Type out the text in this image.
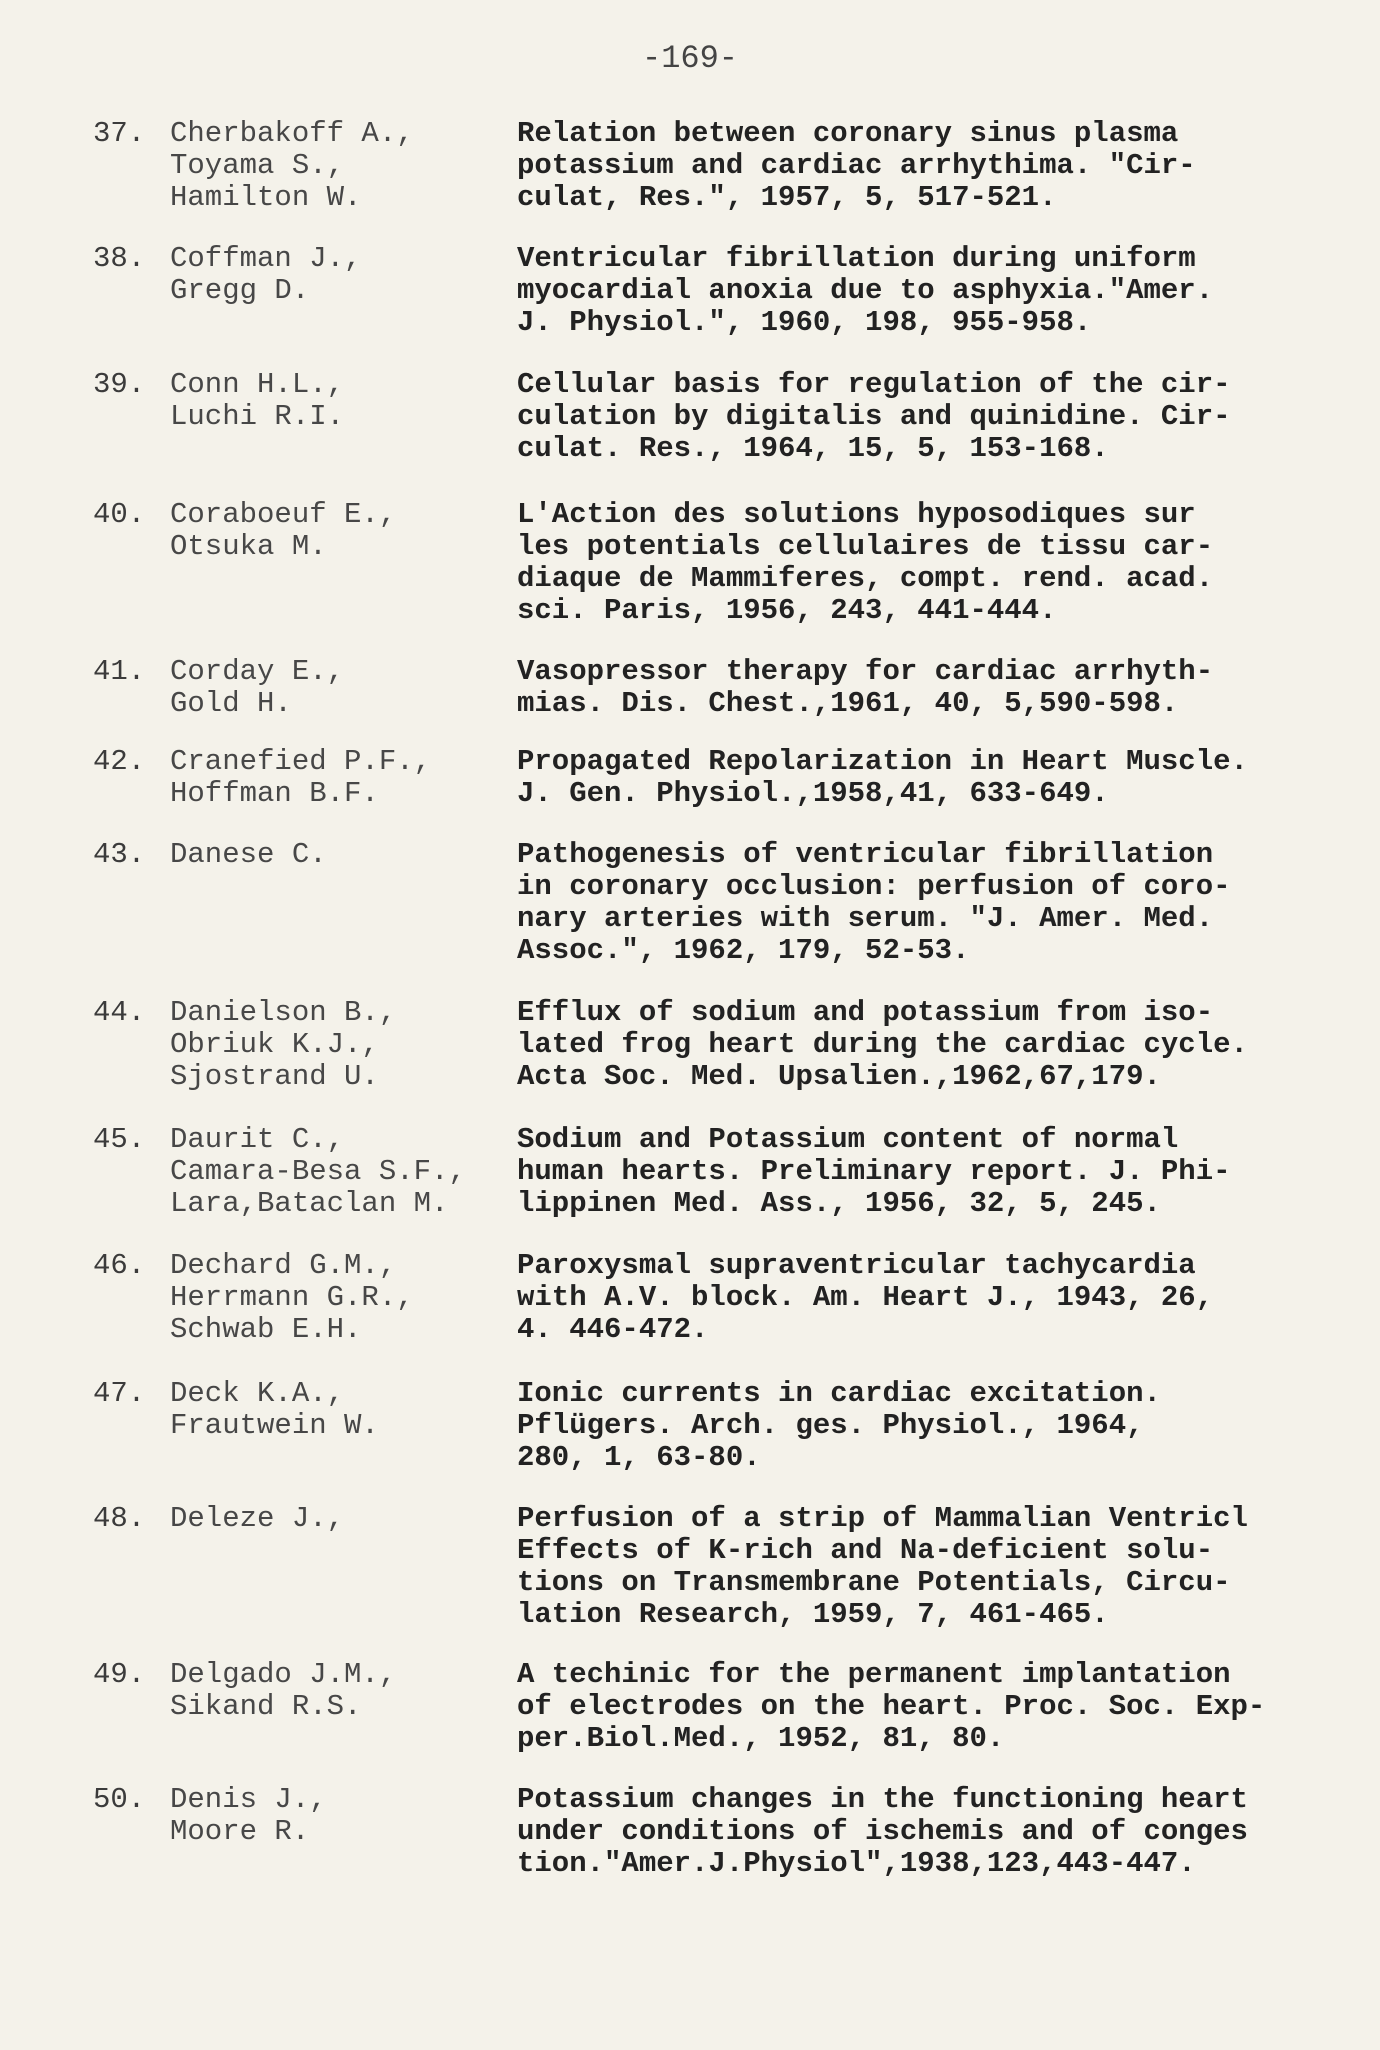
-169-
37. Cherbakoff A.,
Toyama S.,
Hamilton W.
Relation between coronary sinus plasma
potassium and cardiac arrhythima. "Cir-
culat, Res.", 1957, 5, 517-521.
38. Coffman J.,
Gregg D.
Ventricular fibrillation during uniform
myocardial anoxia due to asphyxia."Amer.
J. Physiol.", 1960, 198, 955-958.
39. Conn H.L.,
Luchi R.I.
Cellular basis for regulation of the cir-
culation by digitalis and quinidine. Cir-
culat. Res., 1964, 15, 5, 153-168.
40. Coraboeuf E.,
Otsuka M.
L'Action des solutions hyposodiques sur
les potentials cellulaires de tissu car-
diaque de Mammiferes, compt. rend. acad.
sci. Paris, 1956, 243, 441-444.
41. Corday E.,
Gold H.
Vasopressor therapy for cardiac arrhyth-
mias. Dis. Chest.,1961, 40, 5,590-598.
42. Cranefied P.F.,
Hoffman B.F.
Propagated Repolarization in Heart Muscle.
J. Gen. Physiol.,1958,41, 633-649.
43. Danese C.	Pathogenesis of ventricular fibrillation
in coronary occlusion: perfusion of coro-
nary arteries with serum. "J. Amer. Med.
Assoc.", 1962, 179, 52-53.
44. Danielson B.,
Obriuk K.J.,
Sjostrand U.
Efflux of sodium and potassium from iso-
lated frog heart during the cardiac cycle.
Acta Soc. Med. Upsalien.,1962,67,179.
45. Daurit C.,
Camara-Besa S.F.,
Lara,Bataclan M.
Sodium and Potassium content of normal
human hearts. Preliminary report. J. Phi-
lippinen Med. Ass., 1956, 32, 5, 245.
46. Dechard G.M.,
Herrmann G.R.,
Schwab E.H.
Paroxysmal supraventricular tachycardia
with A.V. block. Am. Heart J., 1943, 26,
4. 446-472.
47. Deck K.A.,
Frautwein W.
Ionic currents in cardiac excitation.
Pflügers. Arch. ges. Physiol., 1964,
280, 1, 63-80.
48. Deleze J.,	Perfusion of a strip of Mammalian Ventricl
Effects of K-rich and Na-deficient solu-
tions on Transmembrane Potentials, Circu-
lation Research, 1959, 7, 461-465.
49. Delgado J.M.,
Sikand R.S.
A techinic for the permanent implantation
of electrodes on the heart. Proc. Soc. Exp-
per.Biol.Med., 1952, 81, 80.
50. Denis J.,
Moore R.
Potassium changes in the functioning heart
under conditions of ischemis and of conges
tion."Amer.J.Physiol",1938,123,443-447.
